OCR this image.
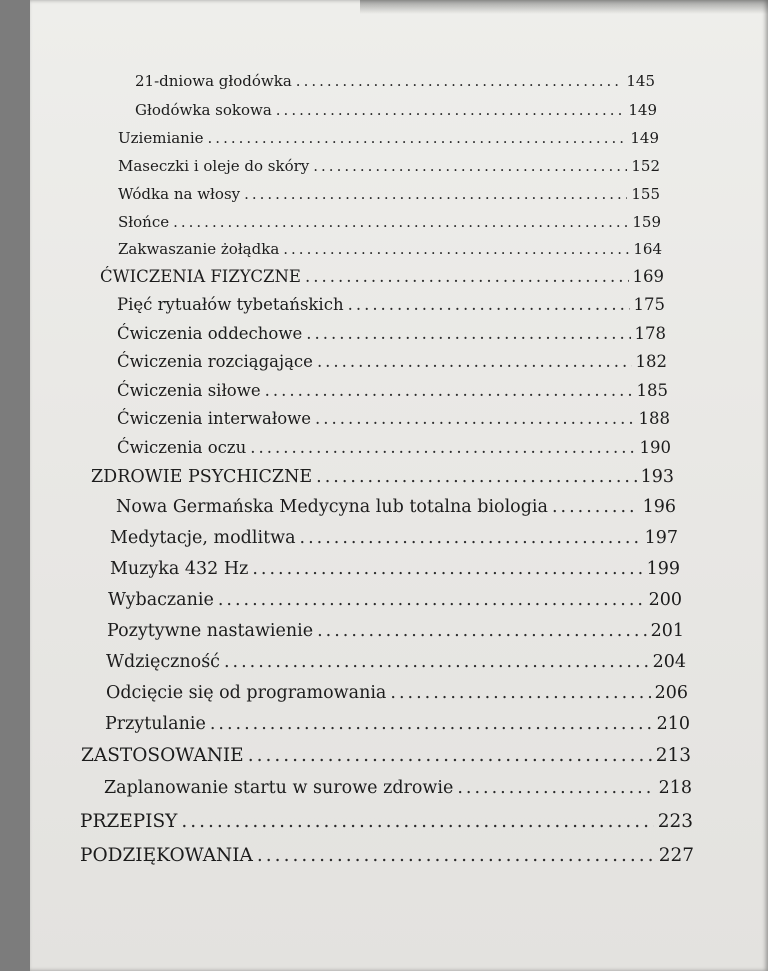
21-dniowa głodówka .....	145
Głodówka sokowa .....	149
Uziemianie .....	149
Maseczki i oleje do skóry .....	152
Wódka na włosy .....	155
Słońce .....	159
Zakwaszanie żołądka .....	164
ĆWICZENIA FIZYCZNE .....	169
Pięć rytuałów tybetańskich .....	175
Ćwiczenia oddechowe .....	178
Ćwiczenia rozciągające .....	182
Ćwiczenia siłowe .....	185
Ćwiczenia interwałowe .....	188
Ćwiczenia oczu .....	190
ZDROWIE PSYCHICZNE .....	193
Nowa Germańska Medycyna lub totalna biologia .....	196
Medytacje, modlitwa .....	197
Muzyka 432 Hz .....	199
Wybaczanie .....	200
Pozytywne nastawienie .....	201
Wdzięczność .....	204
Odcięcie się od programowania .....	206
Przytulanie .....	210
ZASTOSOWANIE .....	213
Zaplanowanie startu w surowe zdrowie .....	218
PRZEPISY .....	223
PODZIĘKOWANIA .....	227
